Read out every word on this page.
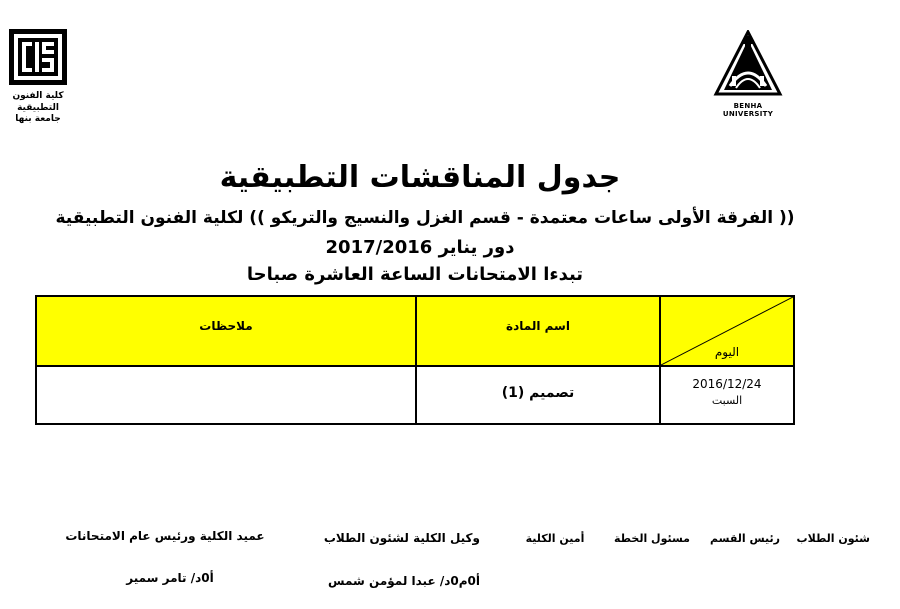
كلية الفنون التطبيقية
جامعة بنها
BENHA UNIVERSITY
جدول المناقشات التطبيقية
(( الفرقة الأولى ساعات معتمدة - قسم الغزل والنسيج والتريكو )) لكلية الفنون التطبيقية
دور يناير 2017/2016
تبدءا الامتحانات الساعة العاشرة صباحا
ملاحظات	اسم المادة
اليوم
تصميم (1)
2016/12/24
السبت
شئون الطلاب
رئيس القسم
مسئول الخطة
أمين الكلية
وكيل الكلية لشئون الطلاب
عميد الكلية ورئيس عام الامتحانات
أ0م0د/ عبدا لمؤمن شمس
أ0د/ تامر سمير
